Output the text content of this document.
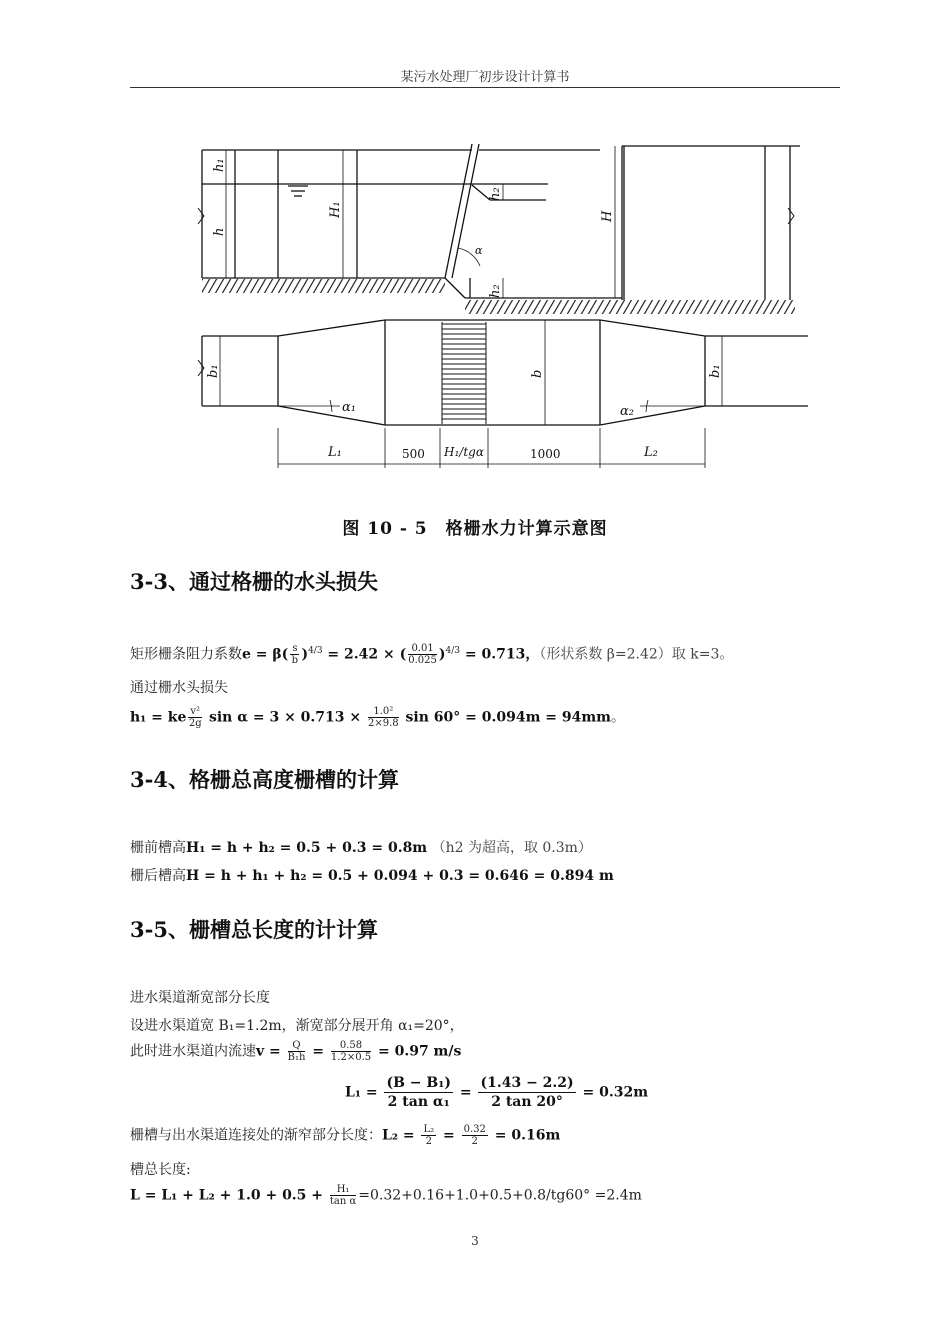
某污水处理厂初步设计计算书
h₁
h
H₁
h₂
h₂
H
α
b₁	b	b₁
α₁	α₂
L₁	500 H₁/tgα	1000	L₂
图 10 - 5　格栅水力计算示意图
3-3、通过格栅的水头损失
矩形栅条阻力系数$e = \beta( \frac{s}{b} )^{4/3} = 2.42$ × ( $\frac{0.01}{0.025} )^{4/3} = 0.713$，（形状系数 β=2.42）取 k=3。
通过栅水头损失
h₁ = ke $\frac{\text{v²}}{2g}$ $\sin \alpha = 3 \times 0.713 \times \frac{\text{1.0²}}{2\times 9.8}$ sin 60° = 0.094m = 94mm。
3-4、格栅总高度栅槽的计算
栅前槽高H₁ = h + h₂ = 0.5 + 0.3 = 0.8m （h2 为超高，取 0.3m）
栅后槽高H = h + h₁ + h₂ = 0.5 + 0.094 + 0.3 = 0.646 = 0.894 m
3-5、栅槽总长度的计计算
进水渠道渐宽部分长度
设进水渠道宽 B₁=1.2m，渐宽部分展开角 α₁=20°，
此时进水渠道内流速$v = \frac{Q}{\text{B₁h}} = \frac{0.58}{1.2\times 0.5} = 0.97$ m/s
$L_1 = \frac{\text{(B − B₁)}}{\text{2 tan α₁}} = \frac{(1.43 - 2.2)}{2 \tan 20^\circ} = 0.32m$
栅槽与出水渠道连接处的渐窄部分长度：$L_2 = \frac{\text{L₂}}{2} = \frac{0.32}{2} = 0.16m$
槽总长度:
$L = L_1 + L_2 + 1.0 + 0.5 + \frac{\text{H₁}}{\text{tan α}} =0.32+0.16+1.0+0.5+0.8/tg60^\circ =2.4m$
3
